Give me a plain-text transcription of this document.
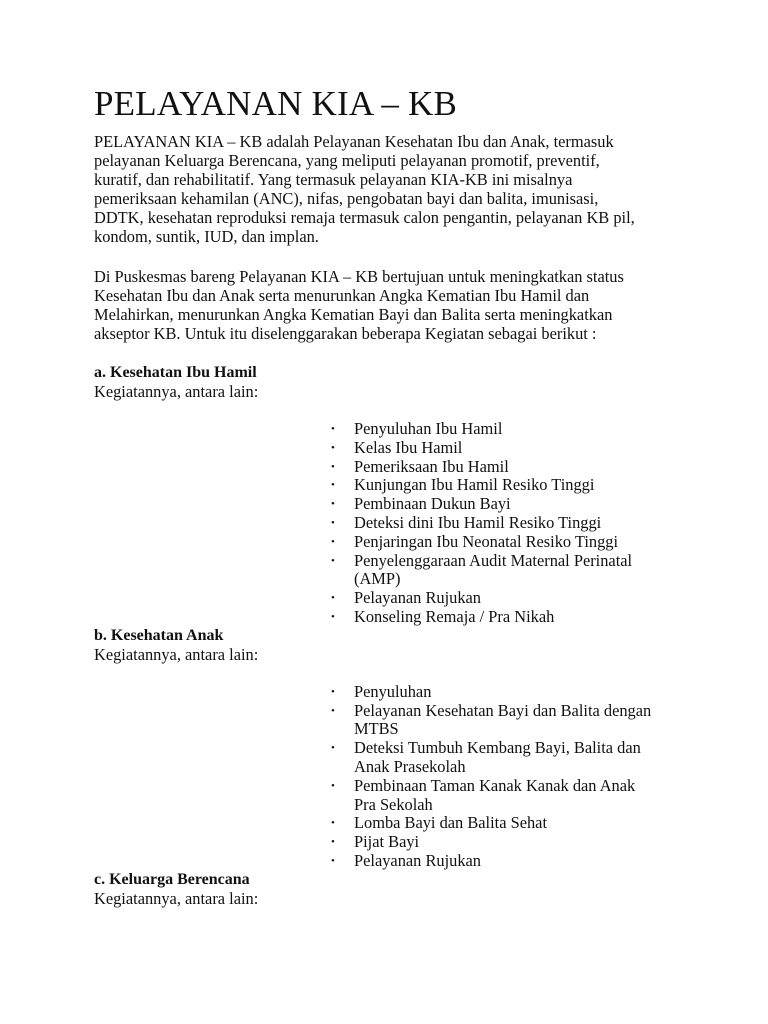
PELAYANAN KIA – KB

PELAYANAN KIA – KB adalah Pelayanan Kesehatan Ibu dan Anak, termasuk
pelayanan Keluarga Berencana, yang meliputi pelayanan promotif, preventif,
kuratif, dan rehabilitatif. Yang termasuk pelayanan KIA-KB ini misalnya
pemeriksaan kehamilan (ANC), nifas, pengobatan bayi dan balita, imunisasi,
DDTK, kesehatan reproduksi remaja termasuk calon pengantin, pelayanan KB pil,
kondom, suntik, IUD, dan implan.

Di Puskesmas bareng Pelayanan KIA – KB bertujuan untuk meningkatkan status
Kesehatan Ibu dan Anak serta menurunkan Angka Kematian Ibu Hamil dan
Melahirkan, menurunkan Angka Kematian Bayi dan Balita serta meningkatkan
akseptor KB. Untuk itu diselenggarakan beberapa Kegiatan sebagai berikut :

a. Kesehatan Ibu Hamil

Kegiatannya, antara lain:

• Penyuluhan Ibu Hamil
• Kelas Ibu Hamil
• Pemeriksaan Ibu Hamil
• Kunjungan Ibu Hamil Resiko Tinggi
• Pembinaan Dukun Bayi
• Deteksi dini Ibu Hamil Resiko Tinggi
• Penjaringan Ibu Neonatal Resiko Tinggi
• Penyelenggaraan Audit Maternal Perinatal
(AMP)
• Pelayanan Rujukan
• Konseling Remaja / Pra Nikah

b. Kesehatan Anak

Kegiatannya, antara lain:

• Penyuluhan
• Pelayanan Kesehatan Bayi dan Balita dengan
MTBS
• Deteksi Tumbuh Kembang Bayi, Balita dan
Anak Prasekolah
• Pembinaan Taman Kanak Kanak dan Anak
Pra Sekolah
• Lomba Bayi dan Balita Sehat
• Pijat Bayi
• Pelayanan Rujukan

c. Keluarga Berencana

Kegiatannya, antara lain:
